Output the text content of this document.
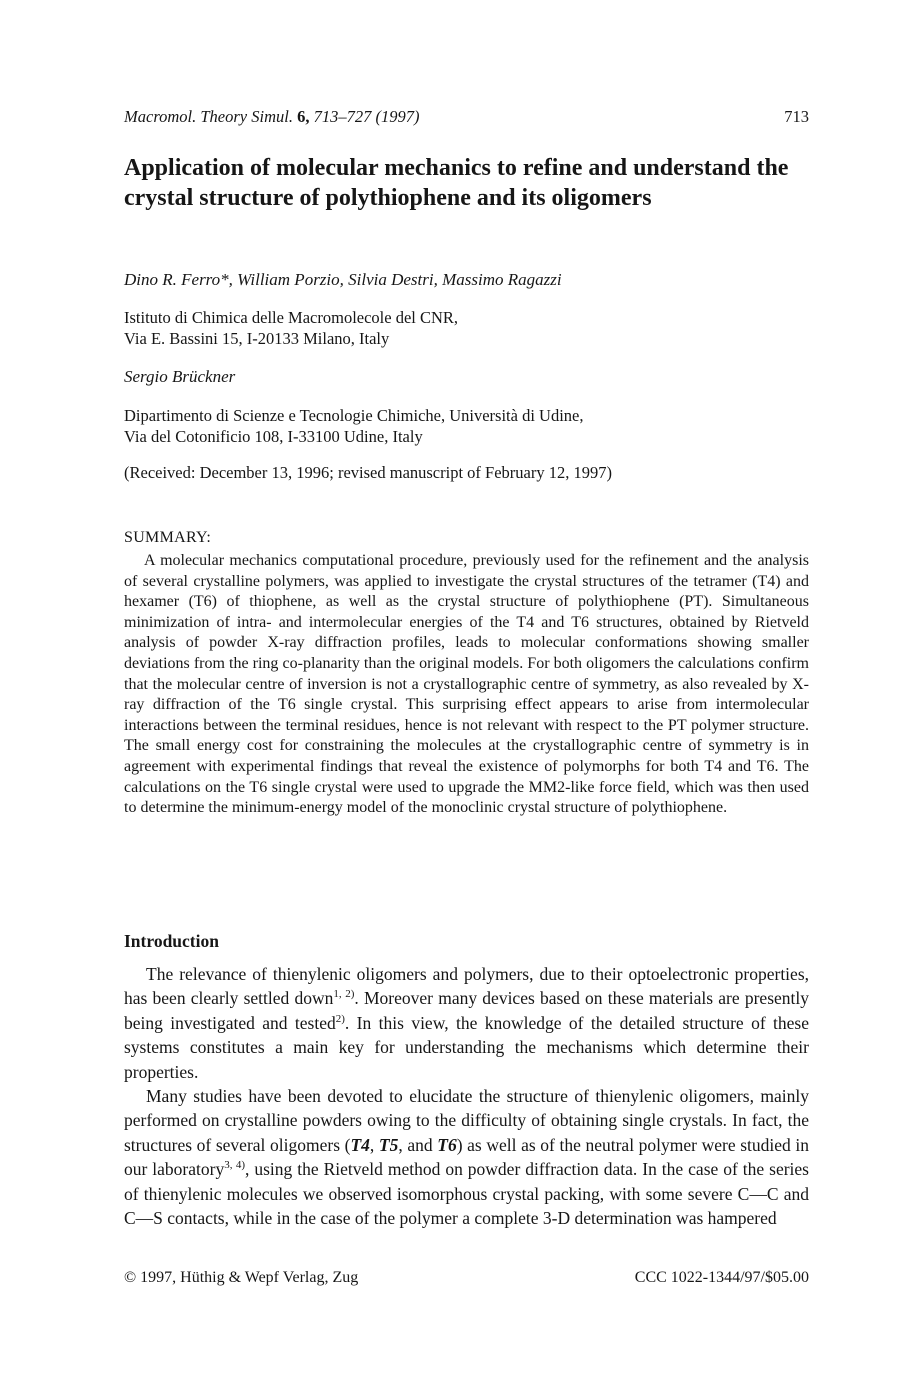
Macromol. Theory Simul. 6, 713–727 (1997)	713
Application of molecular mechanics to refine and understand the crystal structure of polythiophene and its oligomers
Dino R. Ferro*, William Porzio, Silvia Destri, Massimo Ragazzi
Istituto di Chimica delle Macromolecole del CNR,
Via E. Bassini 15, I-20133 Milano, Italy
Sergio Brückner
Dipartimento di Scienze e Tecnologie Chimiche, Università di Udine,
Via del Cotonificio 108, I-33100 Udine, Italy
(Received: December 13, 1996; revised manuscript of February 12, 1997)
SUMMARY:

A molecular mechanics computational procedure, previously used for the refinement and the analysis of several crystalline polymers, was applied to investigate the crystal structures of the tetramer (T4) and hexamer (T6) of thiophene, as well as the crystal structure of polythiophene (PT). Simultaneous minimization of intra- and intermolecular energies of the T4 and T6 structures, obtained by Rietveld analysis of powder X-ray diffraction profiles, leads to molecular conformations showing smaller deviations from the ring co-planarity than the original models. For both oligomers the calculations confirm that the molecular centre of inversion is not a crystallographic centre of symmetry, as also revealed by X-ray diffraction of the T6 single crystal. This surprising effect appears to arise from intermolecular interactions between the terminal residues, hence is not relevant with respect to the PT polymer structure. The small energy cost for constraining the molecules at the crystallographic centre of symmetry is in agreement with experimental findings that reveal the existence of polymorphs for both T4 and T6. The calculations on the T6 single crystal were used to upgrade the MM2-like force field, which was then used to determine the minimum-energy model of the monoclinic crystal structure of polythiophene.

Introduction

The relevance of thienylenic oligomers and polymers, due to their optoelectronic properties, has been clearly settled down$^{1, 2)}$. Moreover many devices based on these materials are presently being investigated and tested$^{2)}$. In this view, the knowledge of the detailed structure of these systems constitutes a main key for understanding the mechanisms which determine their properties.

Many studies have been devoted to elucidate the structure of thienylenic oligomers, mainly performed on crystalline powders owing to the difficulty of obtaining single crystals. In fact, the structures of several oligomers (T4, T5, and T6) as well as of the neutral polymer were studied in our laboratory$^{3, 4)}$, using the Rietveld method on powder diffraction data. In the case of the series of thienylenic molecules we observed isomorphous crystal packing, with some severe C—C and C—S contacts, while in the case of the polymer a complete 3-D determination was hampered

© 1997, Hüthig & Wepf Verlag, Zug	CCC 1022-1344/97/$05.00
